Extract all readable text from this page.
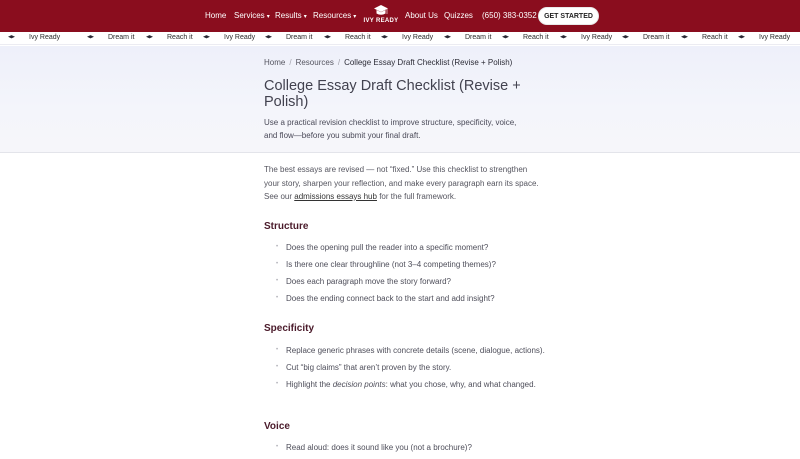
Home Services ▾ Results ▾ Resources ▾
IVY READY
About Us Quizzes (650) 383-0352	GET STARTED
Ivy Ready	Dream it	Reach it	Ivy Ready	Dream it	Reach it	Ivy Ready	Dream it	Reach it	Ivy Ready	Dream it	Reach it	Ivy Ready
Home / Resources / College Essay Draft Checklist (Revise + Polish)
College Essay Draft Checklist (Revise + Polish)

Use a practical revision checklist to improve structure, specificity, voice, and flow—before you submit your final draft.

The best essays are revised — not “fixed.” Use this checklist to strengthen your story, sharpen your reflection, and make every paragraph earn its space. See our admissions essays hub for the full framework.

Structure
• Does the opening pull the reader into a specific moment?
• Is there one clear throughline (not 3–4 competing themes)?
• Does each paragraph move the story forward?
• Does the ending connect back to the start and add insight?
Specificity
• Replace generic phrases with concrete details (scene, dialogue, actions).
• Cut “big claims” that aren’t proven by the story.
• Highlight the decision points: what you chose, why, and what changed.
Voice
• Read aloud: does it sound like you (not a brochure)?
